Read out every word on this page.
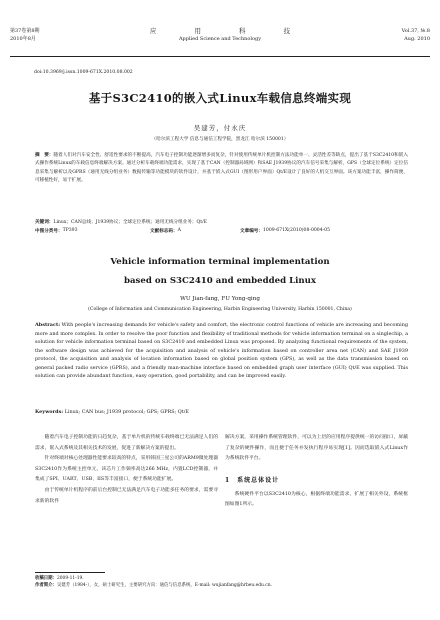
第37卷第8期
2010年8月
应 用 科 技
Applied Science and Technology
Vol.37, №.8
Aug. 2010
doi:10.3969/j.issn.1009-671X.2010.08.002
基于S3C2410的嵌入式Linux车载信息终端实现
吴建芳，付永庆
（哈尔滨工程大学 信息与通信工程学院，黑龙江 哈尔滨 150001）
摘　要：随着人们对汽车安全性、舒适性要求的不断提高，汽车电子控制功能逐渐增多而复杂，针对使用传统单片机控制方法功能单一、灵活性差等缺点，提出了基于S3C2410和嵌入式操作系统Linux的车载信息终端解决方案。通过分析车载终端功能需求，实现了基于CAN（控制器局域网）和SAE J1939协议的汽车信号采集与解析，GPS（全球定位系统）定位信息采集与解析以及GPRS（通用无线分组业务）数据传输等功能模块的软件设计，并基于嵌入式GUI（图形用户界面）Qt/E设计了良好的人机交互界面。该方案功能丰富，操作简便，可移植性好，易于扩展。
关键词：Linux；CAN总线；J1939协议；全球定位系统；通用无线分组业务；Qt/E
中图分类号： TP393	文献标志码： A	文章编号： 1009-671X(2010)08-0004-05
Vehicle information terminal implementation
based on S3C2410 and embedded Linux
WU Jian-fang, FU Yong-qing
(College of Information and Communication Engineering, Harbin Engineering University, Harbin 150001, China)
Abstract: With people's increasing demands for vehicle's safety and comfort, the electronic control functions of vehicle are increasing and becoming more and more complex. In order to resolve the poor function and flexibility of traditional methods for vehicle information terminal on a singlechip, a solution for vehicle information terminal based on S3C2410 and embedded Linux was proposed. By analyzing functional requirements of the system, the software design was achieved for the acquisition and analysis of vehicle's information based on controller area net (CAN) and SAE J1939 protocol, the acquisition and analysis of location information based on global position system (GPS), as well as the data transmission based on general packed radio service (GPRS), and a friendly man-machine interface based on embedded graph user interface (GUI) Qt/E was supplied. This solution can provide abundant function, easy operation, good portability, and can be improved easily.
Keywords: Linux; CAN bus; J1939 protocol; GPS; GPRS; Qt/E

随着汽车电子控制功能的日趋复杂，基于单片机的传统车载终端已无法满足人们的需求，嵌入式系统及其相关技术的发展，促进了新解决方案的提出。

针对终端对核心处理器性能要求较高的特点，采用韩国三星公司的ARM9微处理器S3C2410作为系统主控单元，该芯片工作频率高达266 MHz，内置LCD控制器，并集成了SPI、UART、USB、IIS等丰富接口，便于系统功能扩展。

由于传统单片机程序的前后台控制已无法满足汽车电子功能多任务的要求，需要寻求新的软件

解决方案，采用操作系统管理软件，可以为上层的应用程序提供统一的访问接口，屏蔽了复杂的硬件操作，而且便于任务并发执行程序易实现[1]。因而选取嵌入式Linux作为系统软件平台。

1　系统总体设计

系统硬件平台以S3C2410为核心，根据终端功能需求，扩展了相关外设，系统框图如图1所示。

收稿日期：2009-11-19.
作者简介：吴建芳（1984-），女，硕士研究生，主要研究方向：通信与信息系统，E-mail: wujianfang@hrbeu.edu.cn.
